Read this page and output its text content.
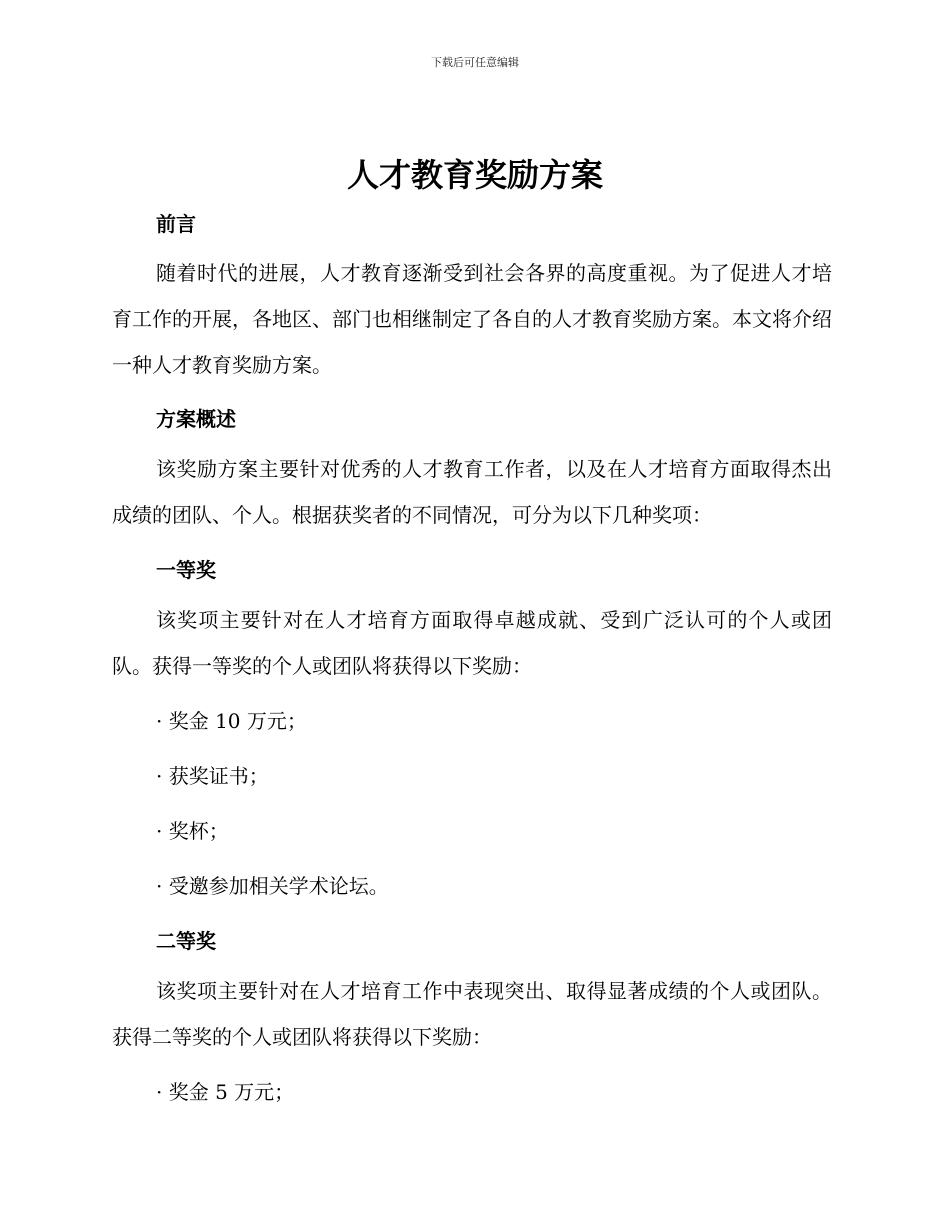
下载后可任意编辑
人才教育奖励方案
前言

随着时代的进展，人才教育逐渐受到社会各界的高度重视。为了促进人才培育工作的开展，各地区、部门也相继制定了各自的人才教育奖励方案。本文将介绍一种人才教育奖励方案。

方案概述

该奖励方案主要针对优秀的人才教育工作者，以及在人才培育方面取得杰出成绩的团队、个人。根据获奖者的不同情况，可分为以下几种奖项：

一等奖

该奖项主要针对在人才培育方面取得卓越成就、受到广泛认可的个人或团队。获得一等奖的个人或团队将获得以下奖励：

· 奖金 10 万元；

· 获奖证书；

· 奖杯；

· 受邀参加相关学术论坛。

二等奖

该奖项主要针对在人才培育工作中表现突出、取得显著成绩的个人或团队。获得二等奖的个人或团队将获得以下奖励：

· 奖金 5 万元；
